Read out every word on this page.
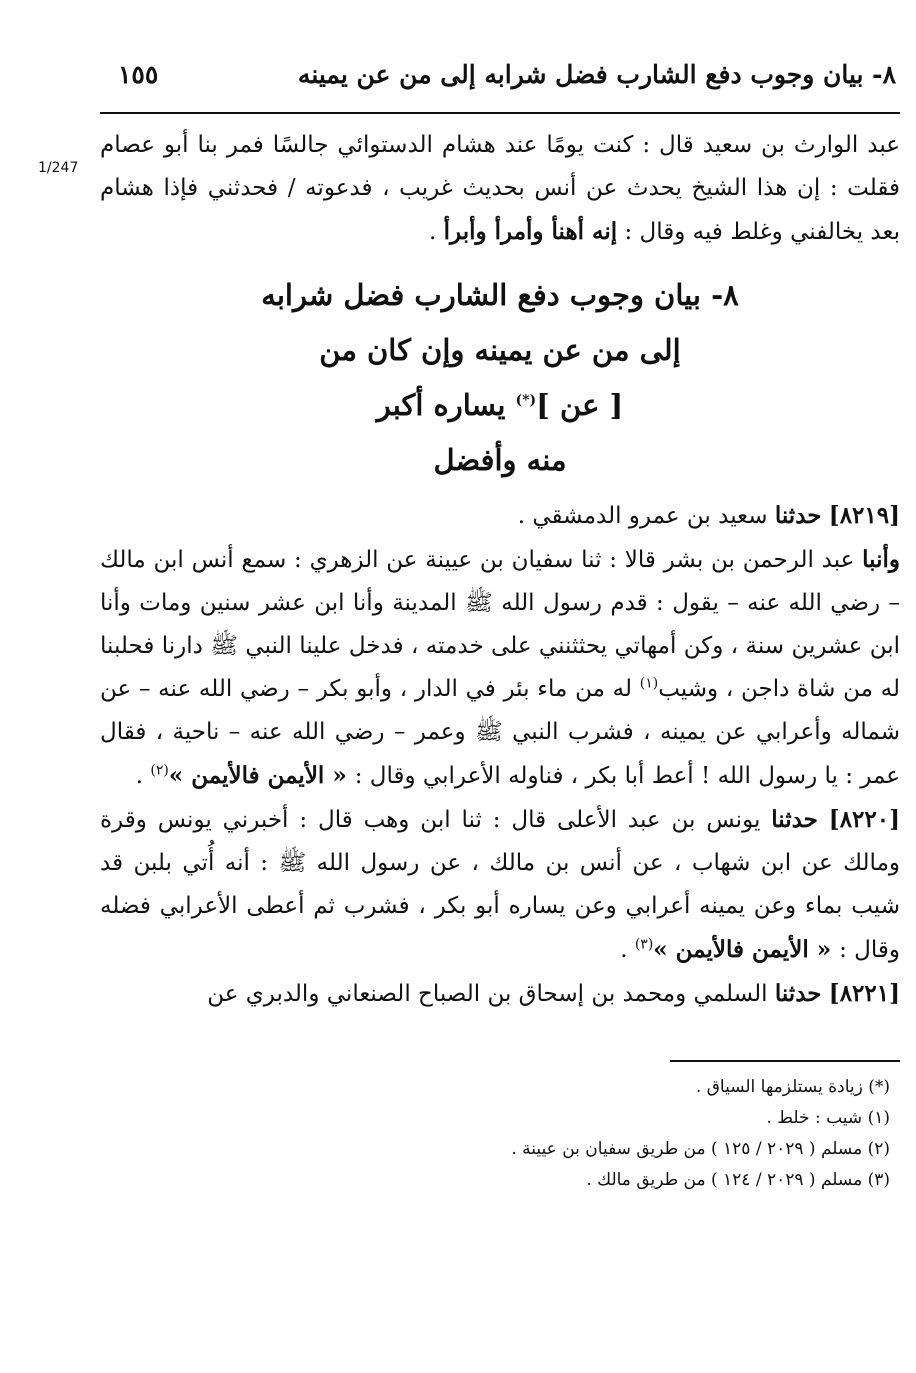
٨- بيان وجوب دفع الشارب فضل شرابه إلى من عن يمينه
١٥٥
1/247

عبد الوارث بن سعيد قال : كنت يومًا عند هشام الدستوائي جالسًا فمر بنا أبو عصام فقلت : إن هذا الشيخ يحدث عن أنس بحديث غريب ، فدعوته / فحدثني فإذا هشام بعد يخالفني وغلط فيه وقال : إنه أهنأ وأمرأ وأبرأ .

٨- بيان وجوب دفع الشارب فضل شرابه
إلى من عن يمينه وإن كان من
[ عن ](*) يساره أكبر
منه وأفضل

[٨٢١٩] حدثنا سعيد بن عمرو الدمشقي .

وأنبا عبد الرحمن بن بشر قالا : ثنا سفيان بن عيينة عن الزهري : سمع أنس ابن مالك – رضي الله عنه – يقول : قدم رسول الله ﷺ المدينة وأنا ابن عشر سنين ومات وأنا ابن عشرين سنة ، وكن أمهاتي يحثثنني على خدمته ، فدخل علينا النبي ﷺ دارنا فحلبنا له من شاة داجن ، وشيب$^{(١)}$ له من ماء بئر في الدار ، وأبو بكر – رضي الله عنه – عن شماله وأعرابي عن يمينه ، فشرب النبي ﷺ وعمر – رضي الله عنه – ناحية ، فقال عمر : يا رسول الله ! أعط أبا بكر ، فناوله الأعرابي وقال : « الأيمن فالأيمن »$^{(٢)}$ .

[٨٢٢٠] حدثنا يونس بن عبد الأعلى قال : ثنا ابن وهب قال : أخبرني يونس وقرة ومالك عن ابن شهاب ، عن أنس بن مالك ، عن رسول الله ﷺ : أنه أُتي بلبن قد شيب بماء وعن يمينه أعرابي وعن يساره أبو بكر ، فشرب ثم أعطى الأعرابي فضله وقال : « الأيمن فالأيمن »$^{(٣)}$ .

[٨٢٢١] حدثنا السلمي ومحمد بن إسحاق بن الصباح الصنعاني والدبري عن

(*) زيادة يستلزمها السياق .

(١) شيب : خلط .

(٢) مسلم ( ٢٠٢٩ / ١٢٥ ) من طريق سفيان بن عيينة .

(٣) مسلم ( ٢٠٢٩ / ١٢٤ ) من طريق مالك .
